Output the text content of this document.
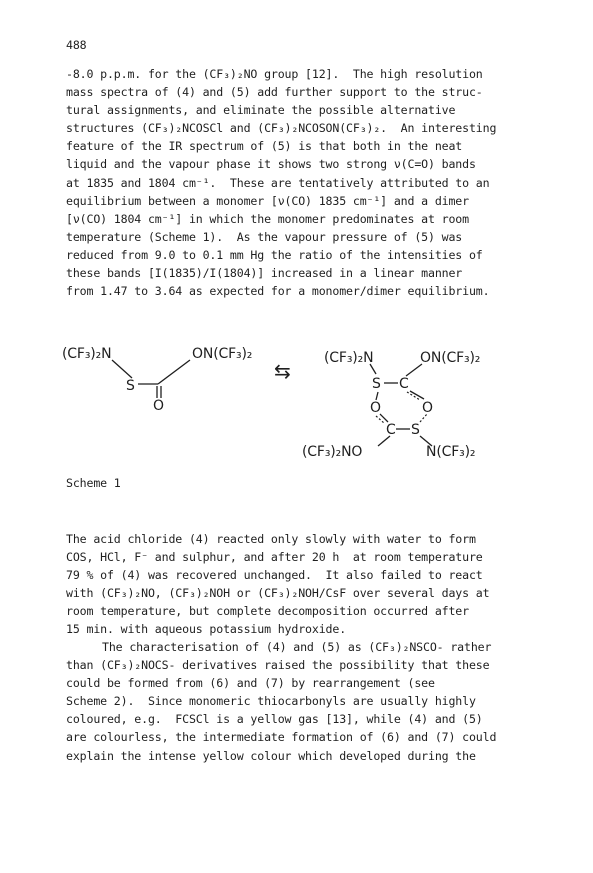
488
-8.0 p.p.m. for the (CF₃)₂NO group [12].  The high resolution
mass spectra of (4) and (5) add further support to the struc-
tural assignments, and eliminate the possible alternative
structures (CF₃)₂NCOSCl and (CF₃)₂NCOSON(CF₃)₂.  An interesting
feature of the IR spectrum of (5) is that both in the neat
liquid and the vapour phase it shows two strong ν(C=O) bands
at 1835 and 1804 cm⁻¹.  These are tentatively attributed to an
equilibrium between a monomer [ν(CO) 1835 cm⁻¹] and a dimer
[ν(CO) 1804 cm⁻¹] in which the monomer predominates at room
temperature (Scheme 1).  As the vapour pressure of (5) was
reduced from 9.0 to 0.1 mm Hg the ratio of the intensities of
these bands [I(1835)/I(1804)] increased in a linear manner
from 1.47 to 3.64 as expected for a monomer/dimer equilibrium.
(CF₃)₂N	ON(CF₃)₂
S
O
⇆
(CF₃)₂N	ON(CF₃)₂
S C
O	O
C S
(CF₃)₂NO	N(CF₃)₂
Scheme 1
The acid chloride (4) reacted only slowly with water to form
COS, HCl, F⁻ and sulphur, and after 20 h  at room temperature
79 % of (4) was recovered unchanged.  It also failed to react
with (CF₃)₂NO, (CF₃)₂NOH or (CF₃)₂NOH/CsF over several days at
room temperature, but complete decomposition occurred after
15 min. with aqueous potassium hydroxide.
The characterisation of (4) and (5) as (CF₃)₂NSCO- rather
than (CF₃)₂NOCS- derivatives raised the possibility that these
could be formed from (6) and (7) by rearrangement (see
Scheme 2).  Since monomeric thiocarbonyls are usually highly
coloured, e.g.  FCSCl is a yellow gas [13], while (4) and (5)
are colourless, the intermediate formation of (6) and (7) could
explain the intense yellow colour which developed during the
